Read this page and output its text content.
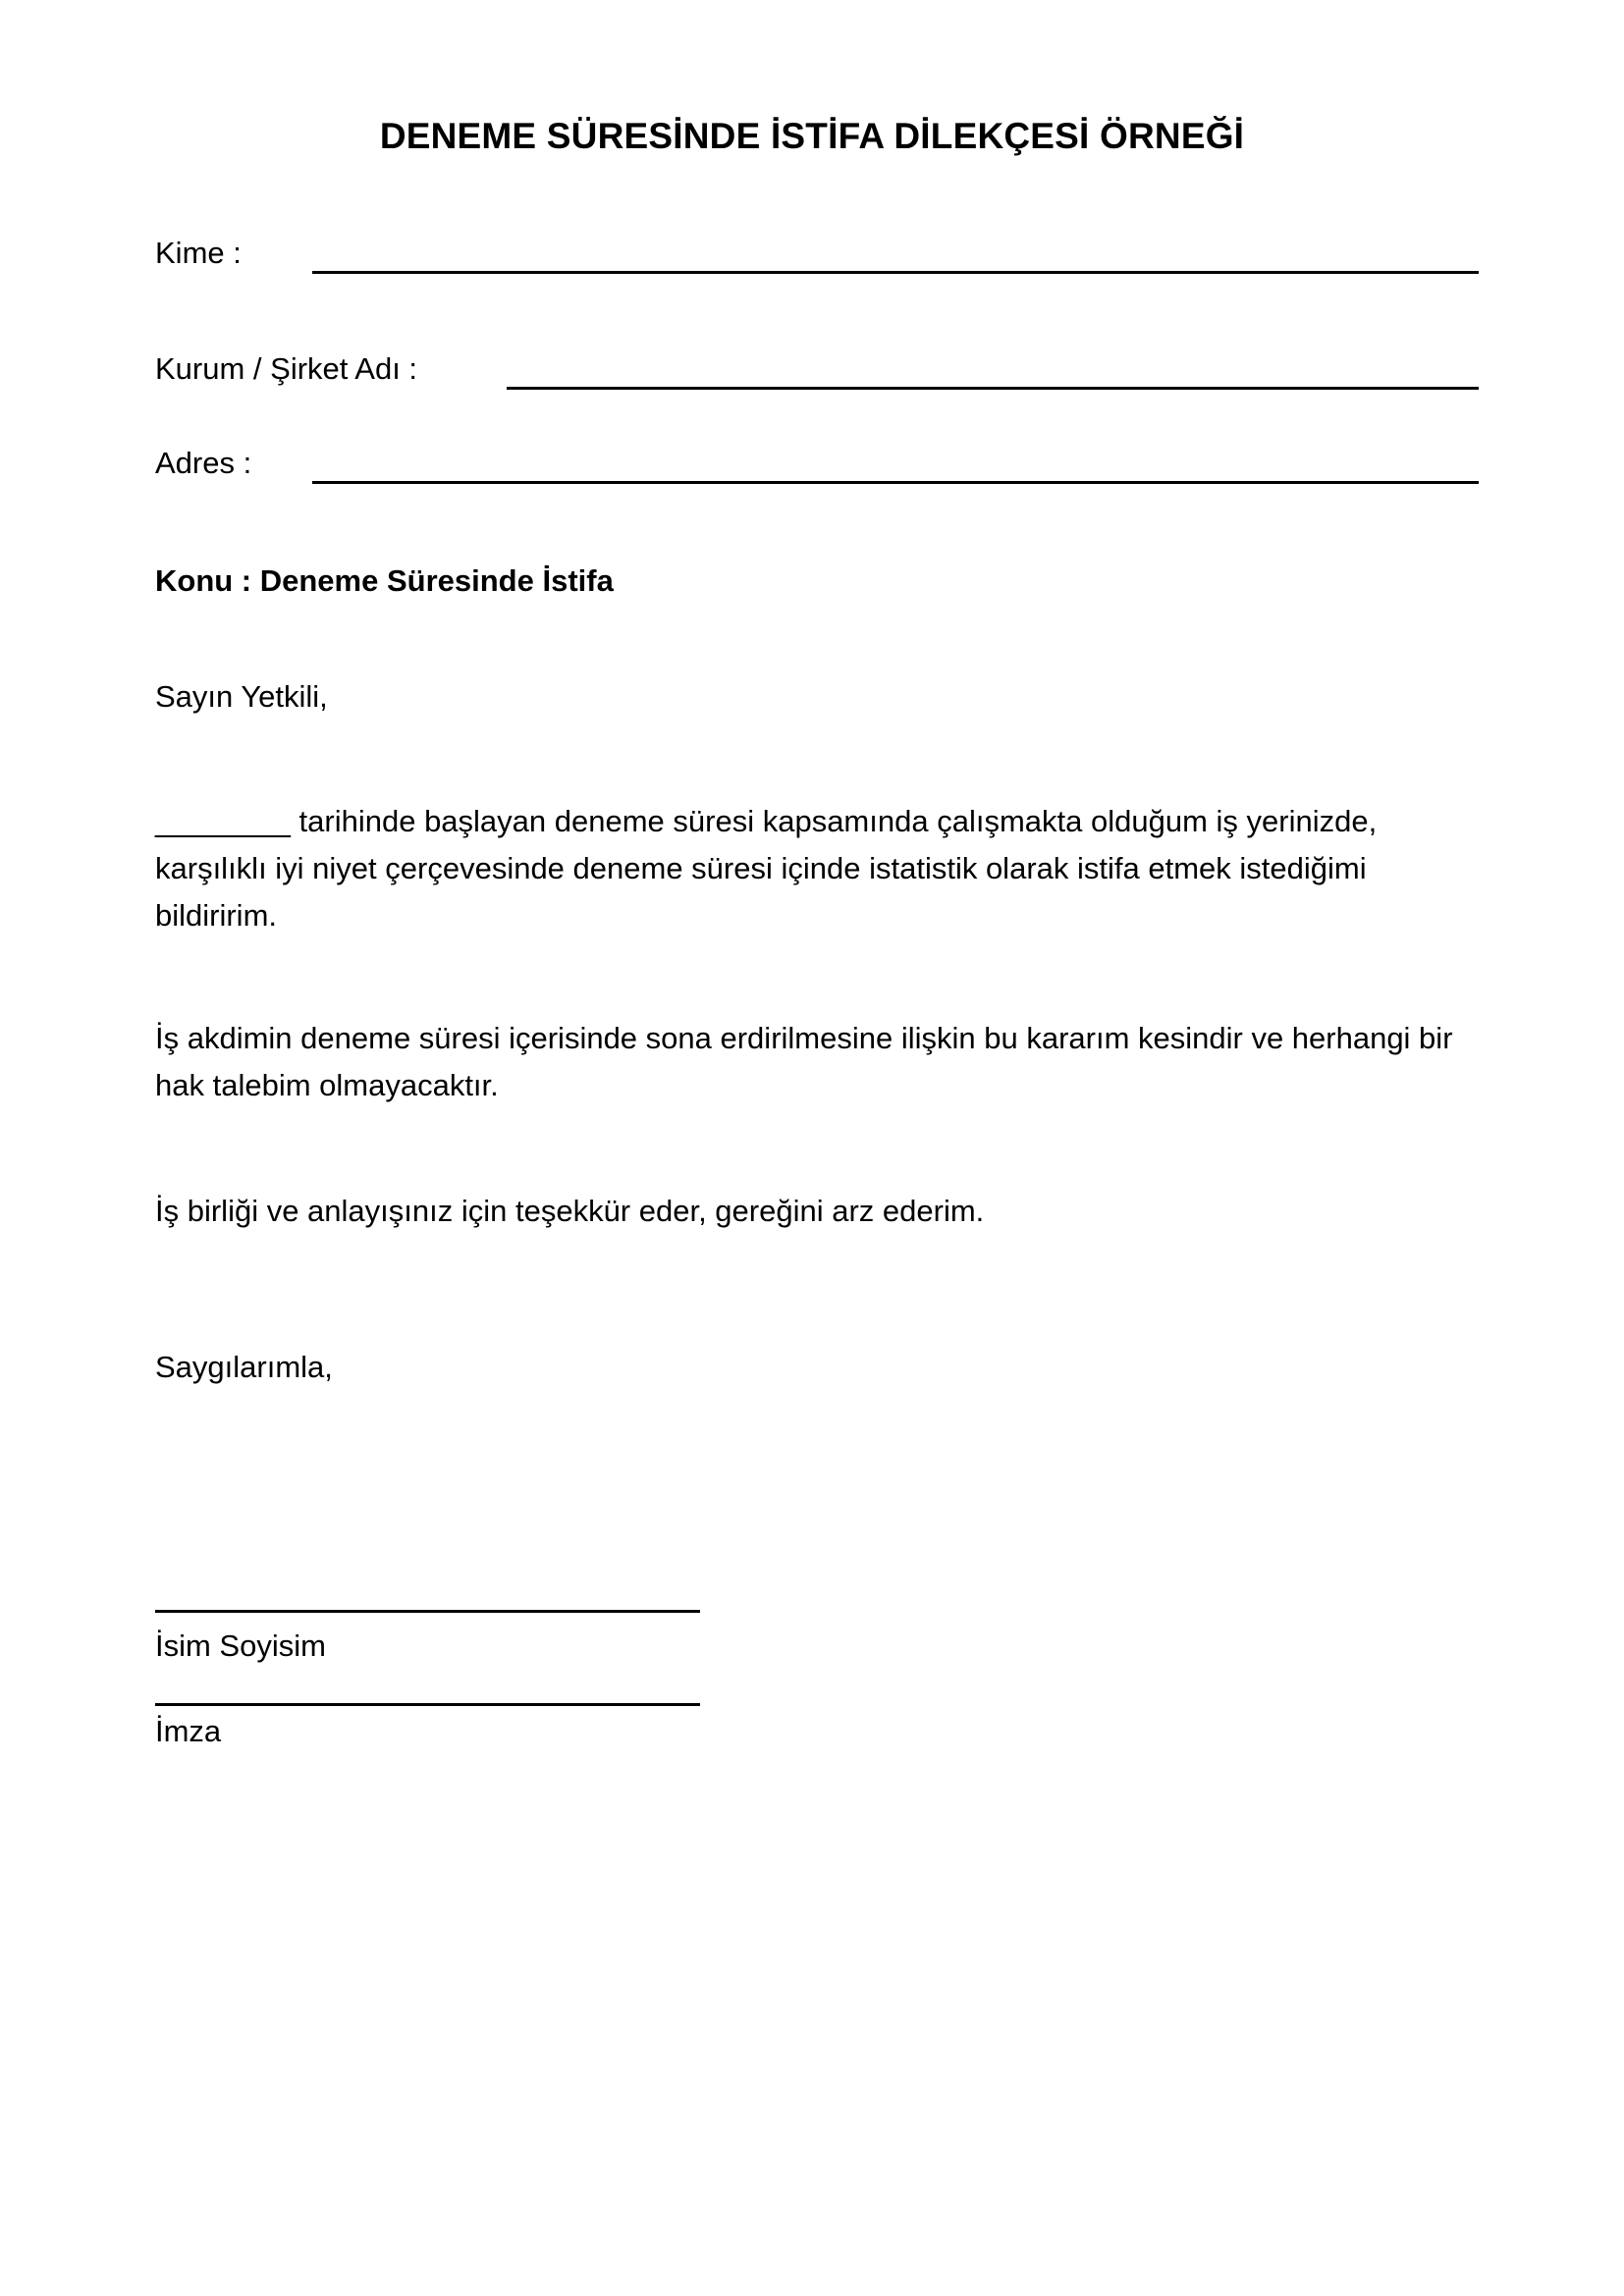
DENEME SÜRESİNDE İSTİFA DİLEKÇESİ ÖRNEĞİ
Kime :
Kurum / Şirket Adı :
Adres :

Konu : Deneme Süresinde İstifa

Sayın Yetkili,

________ tarihinde başlayan deneme süresi kapsamında çalışmakta olduğum iş yerinizde, karşılıklı iyi niyet çerçevesinde deneme süresi içinde istatistik olarak istifa etmek istediğimi bildiririm.

İş akdimin deneme süresi içerisinde sona erdirilmesine ilişkin bu kararım kesindir ve herhangi bir hak talebim olmayacaktır.

İş birliği ve anlayışınız için teşekkür eder, gereğini arz ederim.

Saygılarımla,

İsim Soyisim

İmza
